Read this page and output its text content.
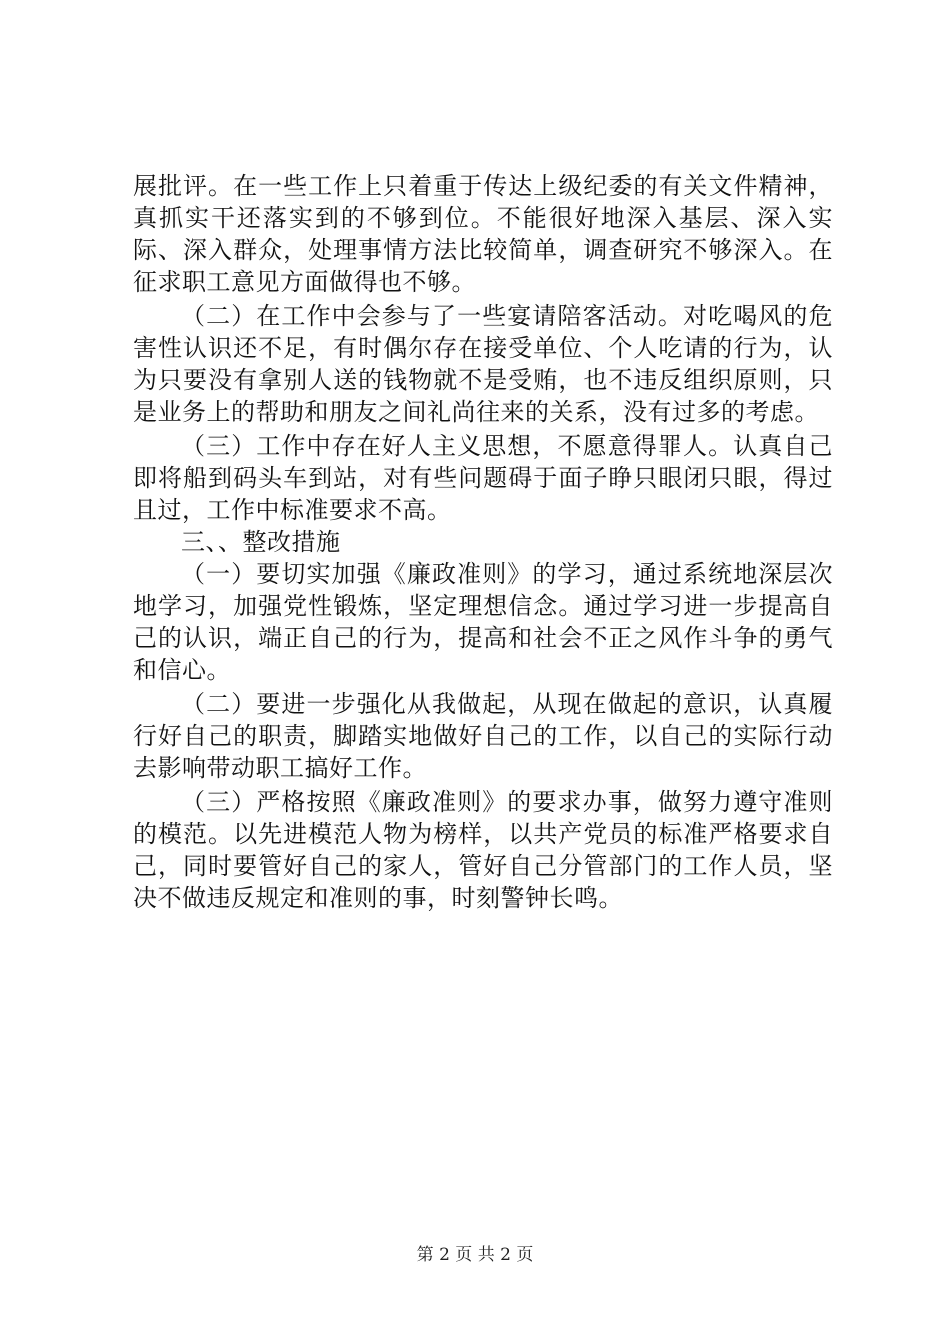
展批评。在一些工作上只着重于传达上级纪委的有关文件精神，真抓实干还落实到的不够到位。不能很好地深入基层、深入实际、深入群众，处理事情方法比较简单，调查研究不够深入。在征求职工意见方面做得也不够。

（二）在工作中会参与了一些宴请陪客活动。对吃喝风的危害性认识还不足，有时偶尔存在接受单位、个人吃请的行为，认为只要没有拿别人送的钱物就不是受贿，也不违反组织原则，只是业务上的帮助和朋友之间礼尚往来的关系，没有过多的考虑。

（三）工作中存在好人主义思想，不愿意得罪人。认真自己即将船到码头车到站，对有些问题碍于面子睁只眼闭只眼，得过且过，工作中标准要求不高。

三、、整改措施

（一）要切实加强《廉政准则》的学习，通过系统地深层次地学习，加强党性锻炼，坚定理想信念。通过学习进一步提高自己的认识，端正自己的行为，提高和社会不正之风作斗争的勇气和信心。

（二）要进一步强化从我做起，从现在做起的意识，认真履行好自己的职责，脚踏实地做好自己的工作，以自己的实际行动去影响带动职工搞好工作。

（三）严格按照《廉政准则》的要求办事，做努力遵守准则的模范。以先进模范人物为榜样，以共产党员的标准严格要求自己，同时要管好自己的家人，管好自己分管部门的工作人员，坚决不做违反规定和准则的事，时刻警钟长鸣。

第 2 页 共 2 页
